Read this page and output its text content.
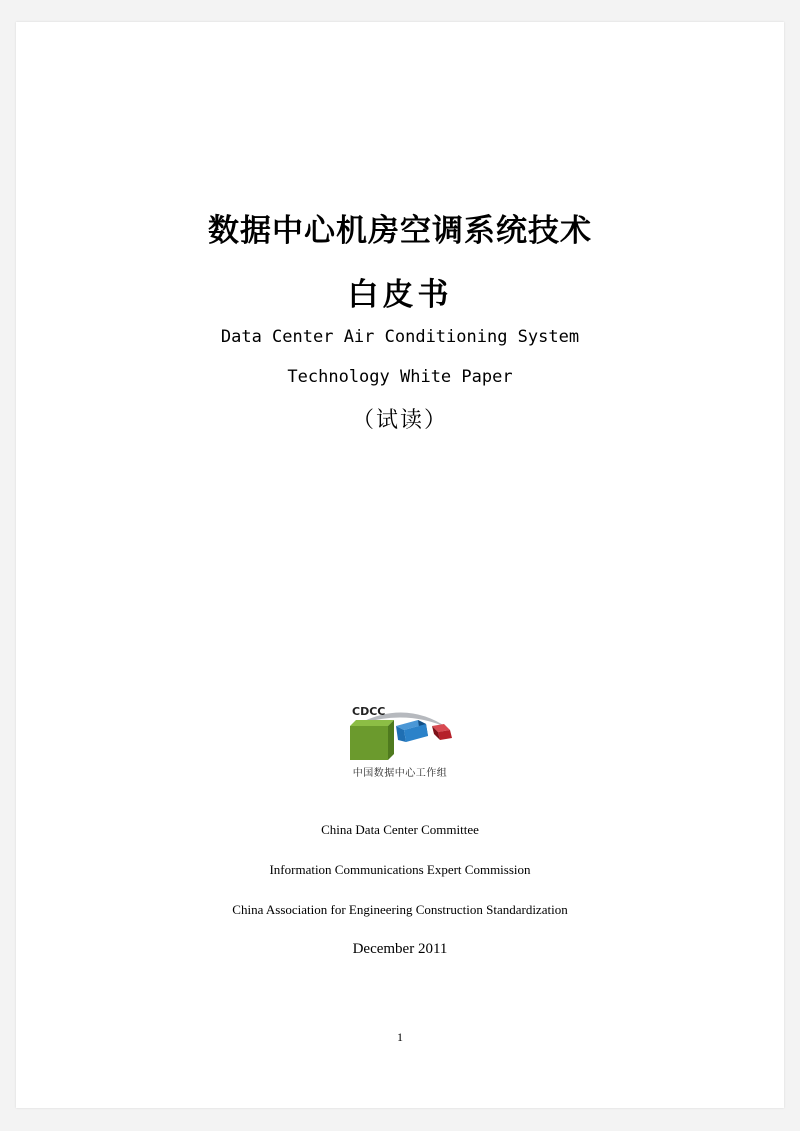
数据中心机房空调系统技术
白皮书
Data Center Air Conditioning System
Technology White Paper
（试读）
CDCC
中国数据中心工作组
China Data Center Committee
Information Communications Expert Commission
China Association for Engineering Construction Standardization
December 2011
1
